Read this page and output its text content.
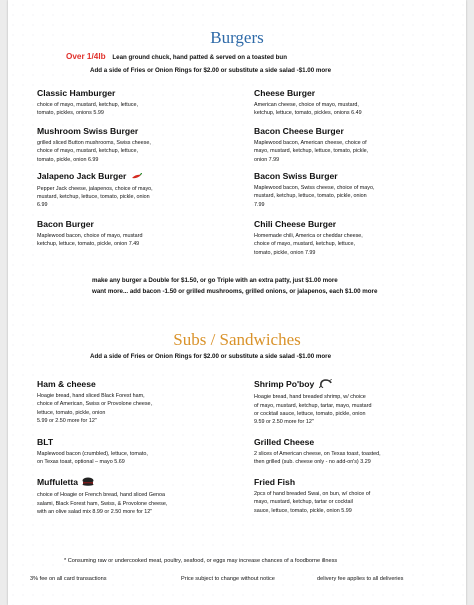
Burgers
Over 1/4lb Lean ground chuck, hand patted & served on a toasted bun
Add a side of Fries or Onion Rings for $2.00 or substitute a side salad -$1.00 more
Classic Hamburger
choice of mayo, mustard, ketchup, lettuce,
tomato, pickles, onions 5.99
Cheese Burger
American cheese, choice of mayo, mustard,
ketchup, lettuce, tomato, pickles, onions 6.49
Mushroom Swiss Burger
grilled sliced Button mushrooms, Swiss cheese,
choice of mayo, mustard, ketchup, lettuce,
tomato, pickle, onion 6.99
Bacon Cheese Burger
Maplewood bacon, American cheese, choice of
mayo, mustard, ketchup, lettuce, tomato, pickle,
onion 7.99
Jalapeno Jack Burger
Pepper Jack cheese, jalapenos, choice of mayo,
mustard, ketchup, lettuce, tomato, pickle, onion
6.99
Bacon Swiss Burger
Maplewood bacon, Swiss cheese, choice of mayo,
mustard, ketchup, lettuce, tomato, pickle, onion
7.99
Bacon Burger
Maplewood bacon, choice of mayo, mustard
ketchup, lettuce, tomato, pickle, onion 7.49
Chili Cheese Burger
Homemade chili, America or cheddar cheese,
choice of mayo, mustard, ketchup, lettuce,
tomato, pickle, onion 7.99
make any burger a Double for $1.50, or go Triple with an extra patty, just $1.00 more
want more... add bacon -1.50 or grilled mushrooms, grilled onions, or jalapenos, each $1.00 more
Subs / Sandwiches
Add a side of Fries or Onion Rings for $2.00 or substitute a side salad -$1.00 more
Ham & cheese
Hoagie bread, hand sliced Black Forest ham,
choice of American, Swiss or Provolone cheese,
lettuce, tomato, pickle, onion
5.99 or 2.50 more for 12"
Shrimp Po'boy
Hoagie bread, hand breaded shrimp, w/ choice
of mayo, mustard, ketchup, tartar, mayo, mustard
or cocktail sauce, lettuce, tomato, pickle, onion
9.59 or 2.50 more for 12"
BLT
Maplewood bacon (crumbled), lettuce, tomato,
on Texas toast, optional – mayo 5.69
Grilled Cheese
2 slices of American cheese, on Texas toast, toasted,
then grilled (sub. cheese only - no add-on's) 3.29
Muffuletta
choice of Hoagie or French bread, hand sliced Genoa
salami, Black Forest ham, Swiss, & Provolone cheese,
with an olive salad mix 8.99 or 2.50 more for 12"
Fried Fish
2pcs of hand breaded Swai, on bun, w/ choice of
mayo, mustard, ketchup, tartar or cocktail
sauce, lettuce, tomato, pickle, onion 5.99
* Consuming raw or undercooked meat, poultry, seafood, or eggs may increase chances of a foodborne illness
3% fee on all card transactions	Price subject to change without notice	delivery fee applies to all deliveries
